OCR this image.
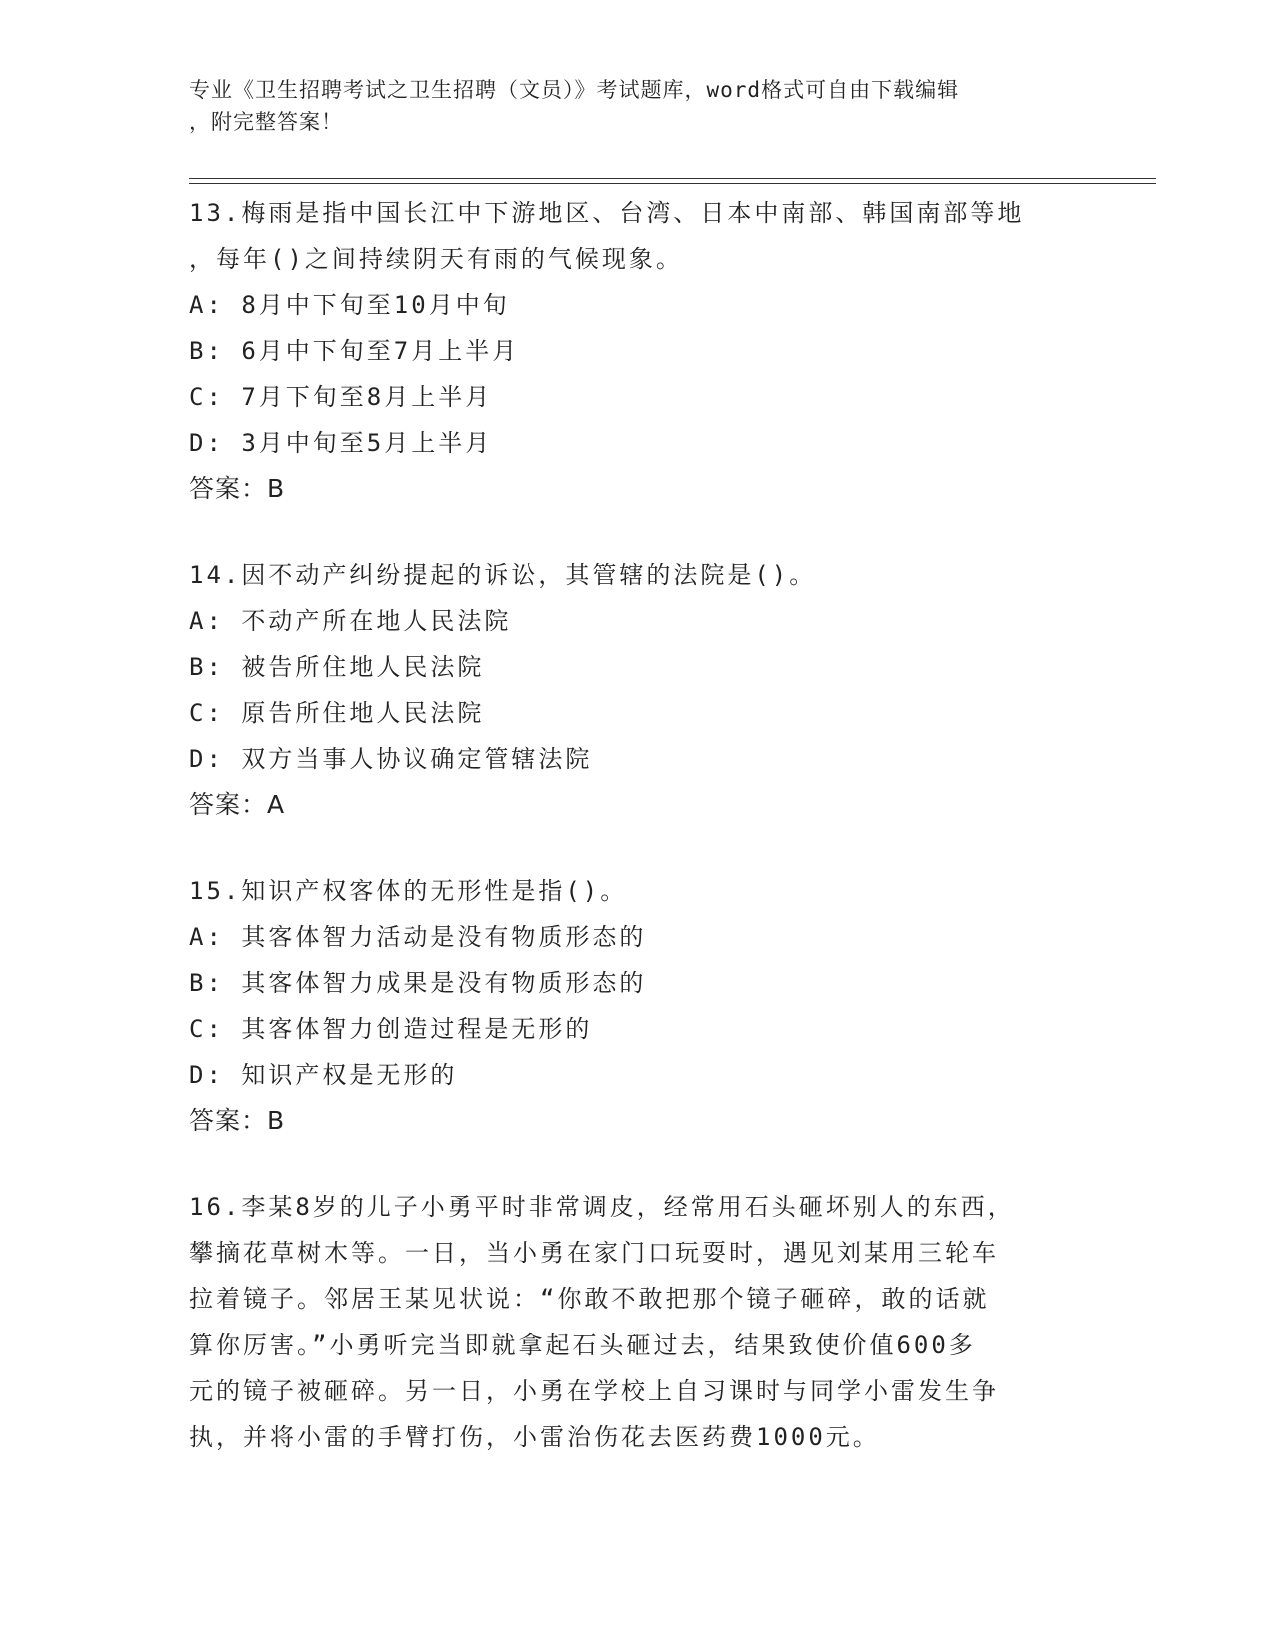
专业《卫生招聘考试之卫生招聘（文员）》考试题库，word格式可自由下载编辑

，附完整答案！

13.梅雨是指中国长江中下游地区、台湾、日本中南部、韩国南部等地
，每年()之间持续阴天有雨的气候现象。
A: 8月中下旬至10月中旬
B: 6月中下旬至7月上半月
C: 7月下旬至8月上半月
D: 3月中旬至5月上半月
答案：B
14.因不动产纠纷提起的诉讼，其管辖的法院是()。
A: 不动产所在地人民法院
B: 被告所住地人民法院
C: 原告所住地人民法院
D: 双方当事人协议确定管辖法院
答案：A
15.知识产权客体的无形性是指()。
A: 其客体智力活动是没有物质形态的
B: 其客体智力成果是没有物质形态的
C: 其客体智力创造过程是无形的
D: 知识产权是无形的
答案：B
16.李某8岁的儿子小勇平时非常调皮，经常用石头砸坏别人的东西，
攀摘花草树木等。一日，当小勇在家门口玩耍时，遇见刘某用三轮车
拉着镜子。邻居王某见状说：“你敢不敢把那个镜子砸碎，敢的话就
算你厉害。”小勇听完当即就拿起石头砸过去，结果致使价值600多
元的镜子被砸碎。另一日，小勇在学校上自习课时与同学小雷发生争
执，并将小雷的手臂打伤，小雷治伤花去医药费1000元。
